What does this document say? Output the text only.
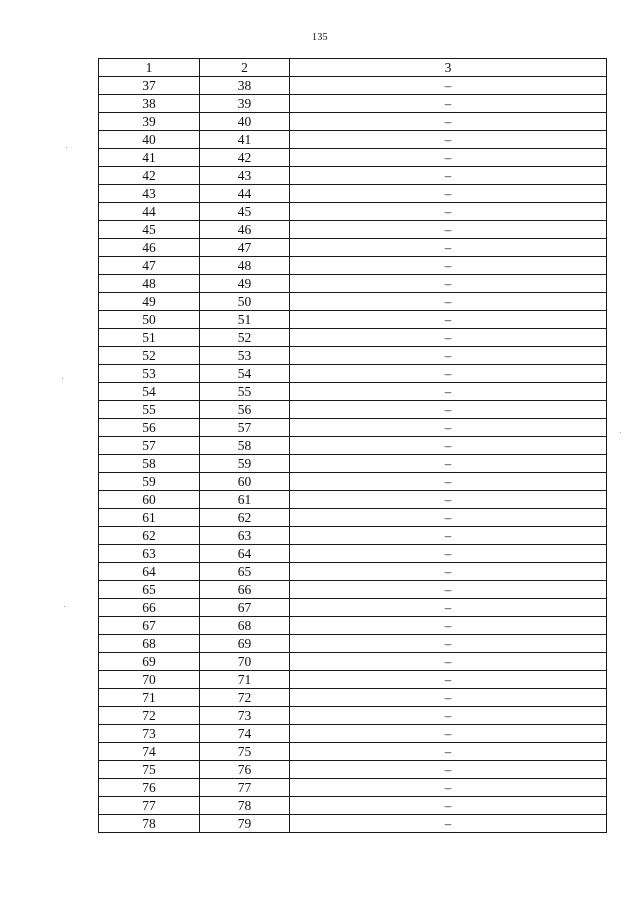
135
1	2	3
37	38	–
38	39	–
39	40	–
40	41	–
41	42	–
42	43	–
43	44	–
44	45	–
45	46	–
46	47	–
47	48	–
48	49	–
49	50	–
50	51	–
51	52	–
52	53	–
53	54	–
54	55	–
55	56	–
56	57	–
57	58	–
58	59	–
59	60	–
60	61	–
61	62	–
62	63	–
63	64	–
64	65	–
65	66	–
66	67	–
67	68	–
68	69	–
69	70	–
70	71	–
71	72	–
72	73	–
73	74	–
74	75	–
75	76	–
76	77	–
77	78	–
78	79	–
